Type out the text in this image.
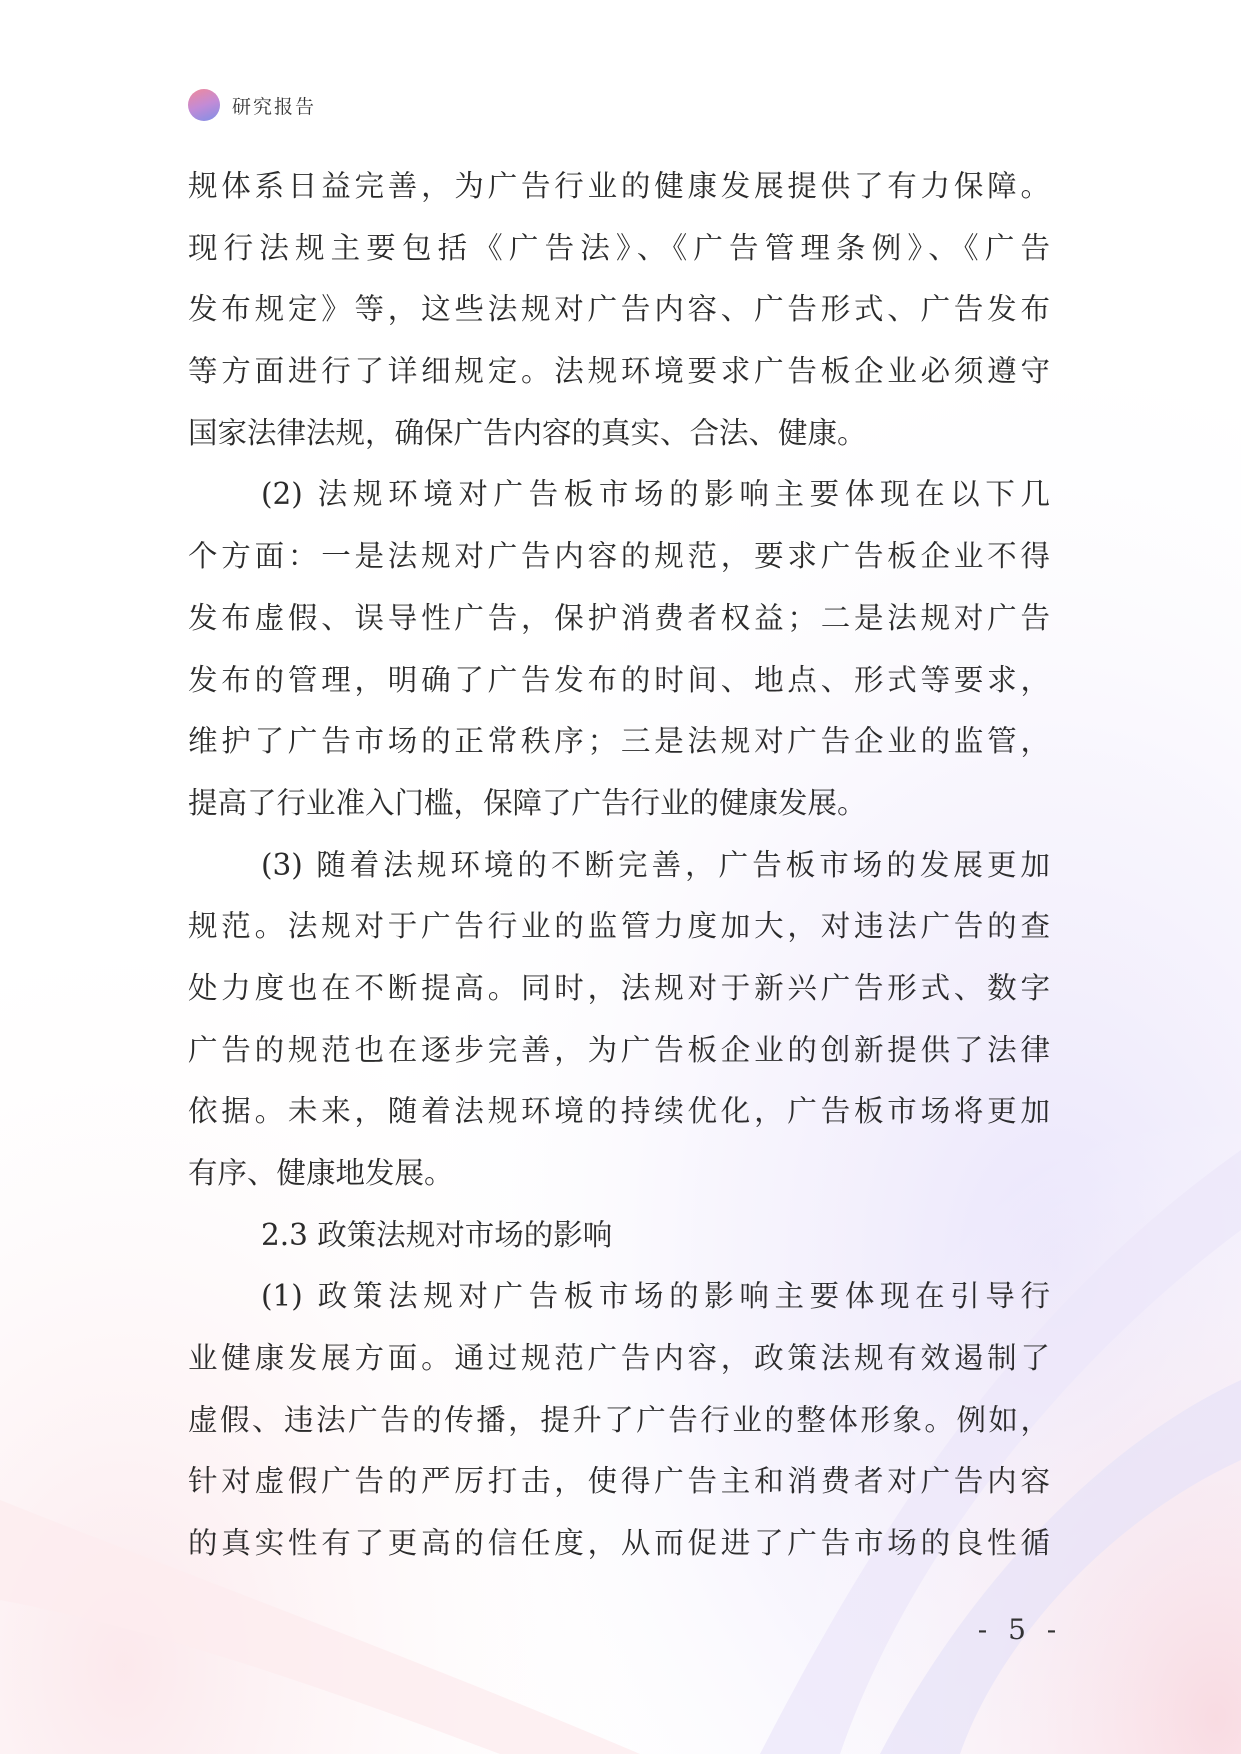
研究报告
规体系日益完善，为广告行业的健康发展提供了有力保障。
现行法规主要包括《广告法》、《广告管理条例》、《广告
发布规定》等，这些法规对广告内容、广告形式、广告发布
等方面进行了详细规定。法规环境要求广告板企业必须遵守
国家法律法规，确保广告内容的真实、合法、健康。
(2) 法规环境对广告板市场的影响主要体现在以下几
个方面：一是法规对广告内容的规范，要求广告板企业不得
发布虚假、误导性广告，保护消费者权益；二是法规对广告
发布的管理，明确了广告发布的时间、地点、形式等要求，
维护了广告市场的正常秩序；三是法规对广告企业的监管，
提高了行业准入门槛，保障了广告行业的健康发展。
(3) 随着法规环境的不断完善，广告板市场的发展更加
规范。法规对于广告行业的监管力度加大，对违法广告的查
处力度也在不断提高。同时，法规对于新兴广告形式、数字
广告的规范也在逐步完善，为广告板企业的创新提供了法律
依据。未来，随着法规环境的持续优化，广告板市场将更加
有序、健康地发展。
2.3 政策法规对市场的影响
(1) 政策法规对广告板市场的影响主要体现在引导行
业健康发展方面。通过规范广告内容，政策法规有效遏制了
虚假、违法广告的传播，提升了广告行业的整体形象。例如，
针对虚假广告的严厉打击，使得广告主和消费者对广告内容
的真实性有了更高的信任度，从而促进了广告市场的良性循
- 5 -
